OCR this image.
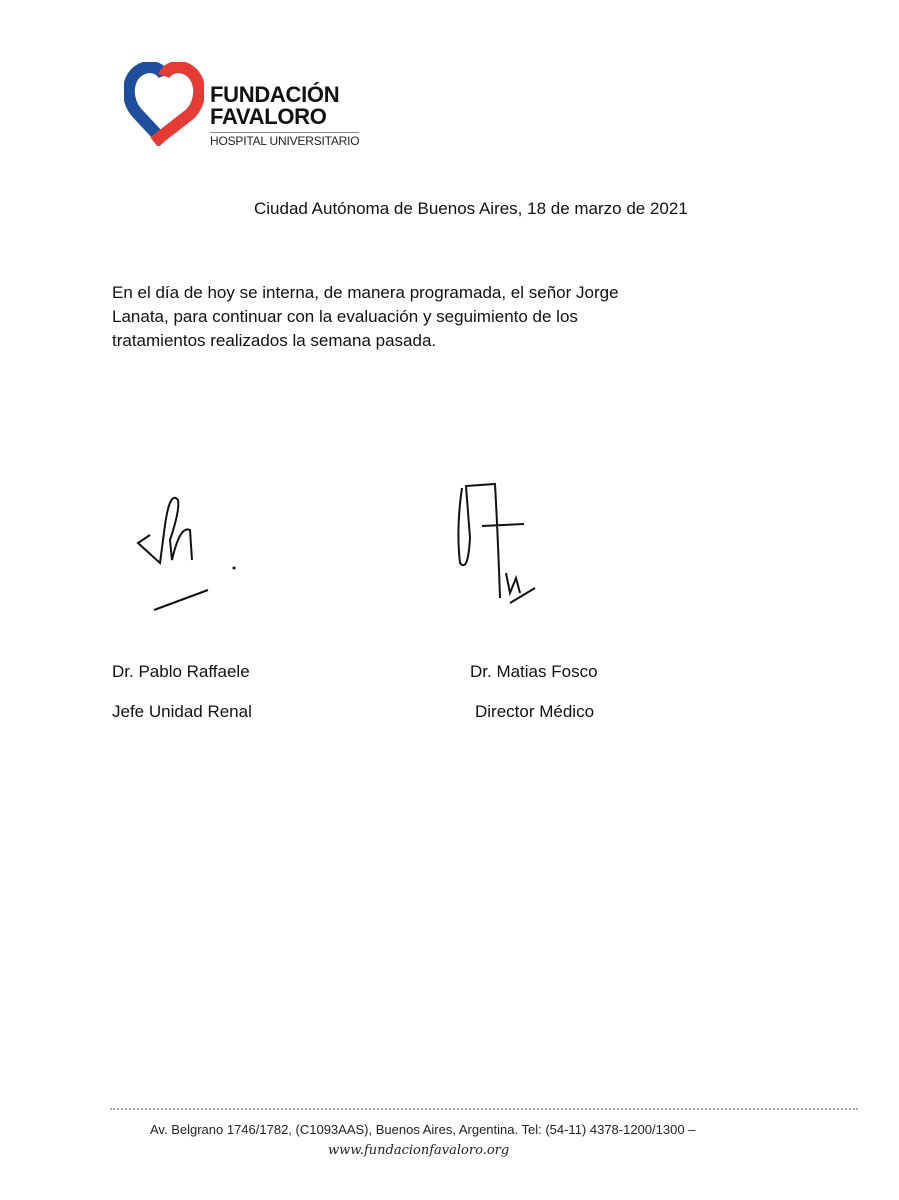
FUNDACIÓN
FAVALORO
HOSPITAL UNIVERSITARIO
Ciudad Autónoma de Buenos Aires, 18 de marzo de 2021
En el día de hoy se interna, de manera programada, el señor Jorge
Lanata, para continuar con la evaluación y seguimiento de los
tratamientos realizados la semana pasada.
Dr. Pablo Raffaele
Jefe Unidad Renal
Dr. Matias Fosco
Director Médico
Av. Belgrano 1746/1782, (C1093AAS), Buenos Aires, Argentina. Tel: (54-11) 4378-1200/1300 –
www.fundacionfavaloro.org
